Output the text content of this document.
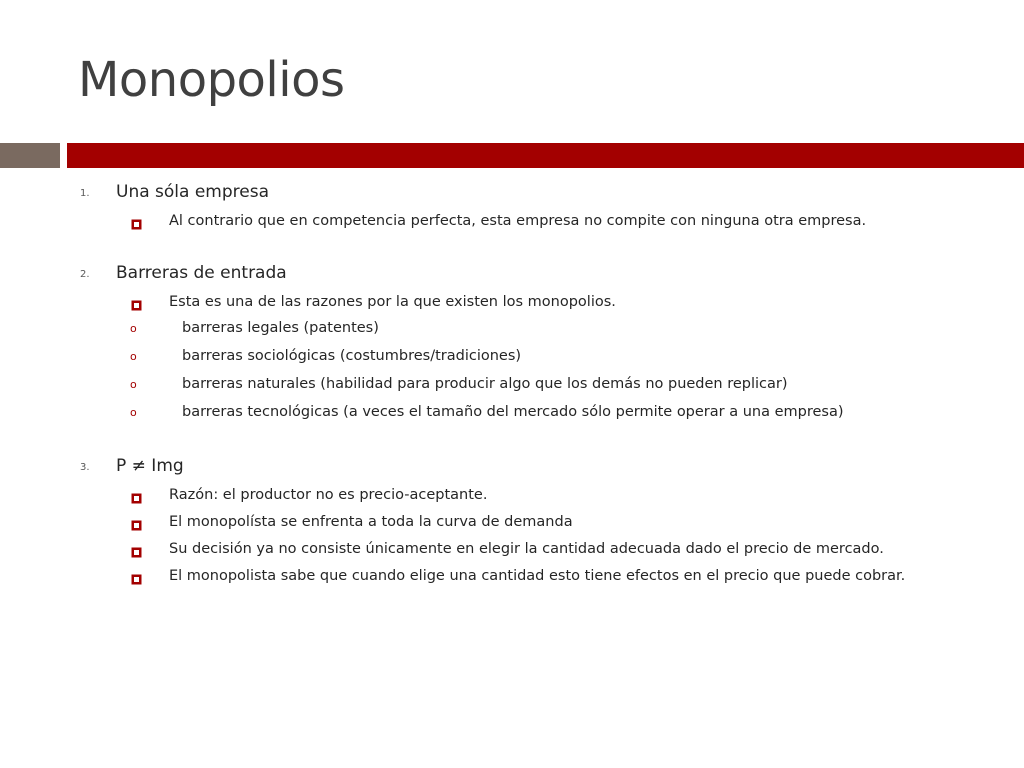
Monopolios
1. Una sóla empresa
Al contrario que en competencia perfecta, esta empresa no compite con ninguna otra empresa.
2. Barreras de entrada
Esta es una de las razones por la que existen los monopolios.
o	barreras legales (patentes)
o	barreras sociológicas (costumbres/tradiciones)
o	barreras naturales (habilidad para producir algo que los demás no pueden replicar)
o	barreras tecnológicas (a veces el tamaño del mercado sólo permite operar a una empresa)
3. P ≠ Img
Razón: el productor no es precio-aceptante.
El monopolísta se enfrenta a toda la curva de demanda
Su decisión ya no consiste únicamente en elegir la cantidad adecuada dado el precio de mercado.
El monopolista sabe que cuando elige una cantidad esto tiene efectos en el precio que puede cobrar.
